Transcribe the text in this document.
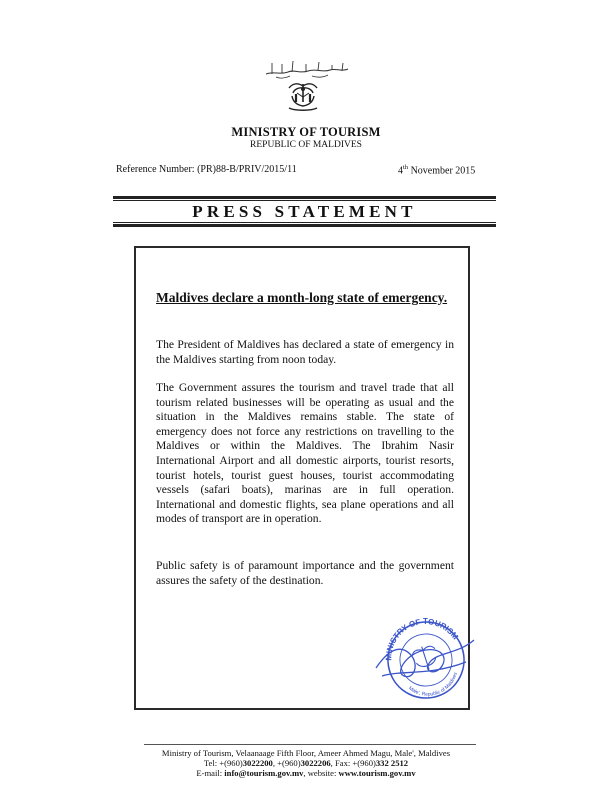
MINISTRY OF TOURISM
REPUBLIC OF MALDIVES
Reference Number: (PR)88-B/PRIV/2015/11	4th November 2015
PRESS STATEMENT
Maldives declare a month-long state of emergency.
The President of Maldives has declared a state of emergency in the Maldives starting from noon today.
The Government assures the tourism and travel trade that all tourism related businesses will be operating as usual and the situation in the Maldives remains stable. The state of emergency does not force any restrictions on travelling to the Maldives or within the Maldives. The Ibrahim Nasir International Airport and all domestic airports, tourist resorts, tourist hotels, tourist guest houses, tourist accommodating vessels (safari boats), marinas are in full operation. International and domestic flights, sea plane operations and all modes of transport are in operation.
Public safety is of paramount importance and the government assures the safety of the destination.
MINISTRY OF TOURISM
Male', Republic of Maldives
Ministry of Tourism, Velaanaage Fifth Floor, Ameer Ahmed Magu, Male', Maldives
Tel: +(960)3022200, +(960)3022206, Fax: +(960)332 2512
E-mail: info@tourism.gov.mv, website: www.tourism.gov.mv
